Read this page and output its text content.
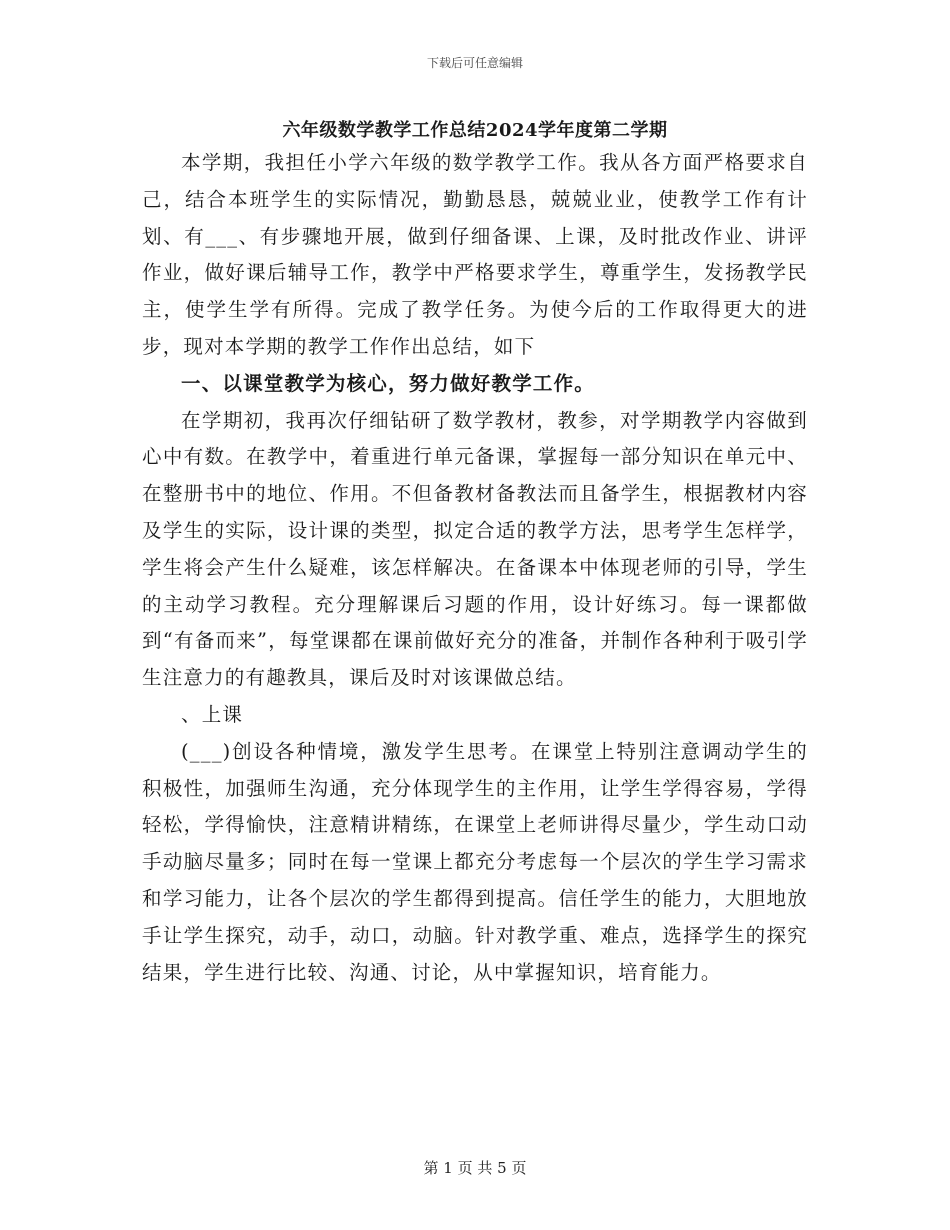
下载后可任意编辑
六年级数学教学工作总结2024学年度第二学期

本学期，我担任小学六年级的数学教学工作。我从各方面严格要求自己，结合本班学生的实际情况，勤勤恳恳，兢兢业业，使教学工作有计划、有___、有步骤地开展，做到仔细备课、上课，及时批改作业、讲评作业，做好课后辅导工作，教学中严格要求学生，尊重学生，发扬教学民主，使学生学有所得。完成了教学任务。为使今后的工作取得更大的进步，现对本学期的教学工作作出总结，如下

一、以课堂教学为核心，努力做好教学工作。

在学期初，我再次仔细钻研了数学教材，教参，对学期教学内容做到心中有数。在教学中，着重进行单元备课，掌握每一部分知识在单元中、在整册书中的地位、作用。不但备教材备教法而且备学生，根据教材内容及学生的实际，设计课的类型，拟定合适的教学方法，思考学生怎样学，学生将会产生什么疑难，该怎样解决。在备课本中体现老师的引导，学生的主动学习教程。充分理解课后习题的作用，设计好练习。每一课都做到“有备而来”，每堂课都在课前做好充分的准备，并制作各种利于吸引学生注意力的有趣教具，课后及时对该课做总结。

、上课

(___)创设各种情境，激发学生思考。在课堂上特别注意调动学生的积极性，加强师生沟通，充分体现学生的主作用，让学生学得容易，学得轻松，学得愉快，注意精讲精练，在课堂上老师讲得尽量少，学生动口动手动脑尽量多；同时在每一堂课上都充分考虑每一个层次的学生学习需求和学习能力，让各个层次的学生都得到提高。信任学生的能力，大胆地放手让学生探究，动手，动口，动脑。针对教学重、难点，选择学生的探究结果，学生进行比较、沟通、讨论，从中掌握知识，培育能力。

第 1 页 共 5 页
